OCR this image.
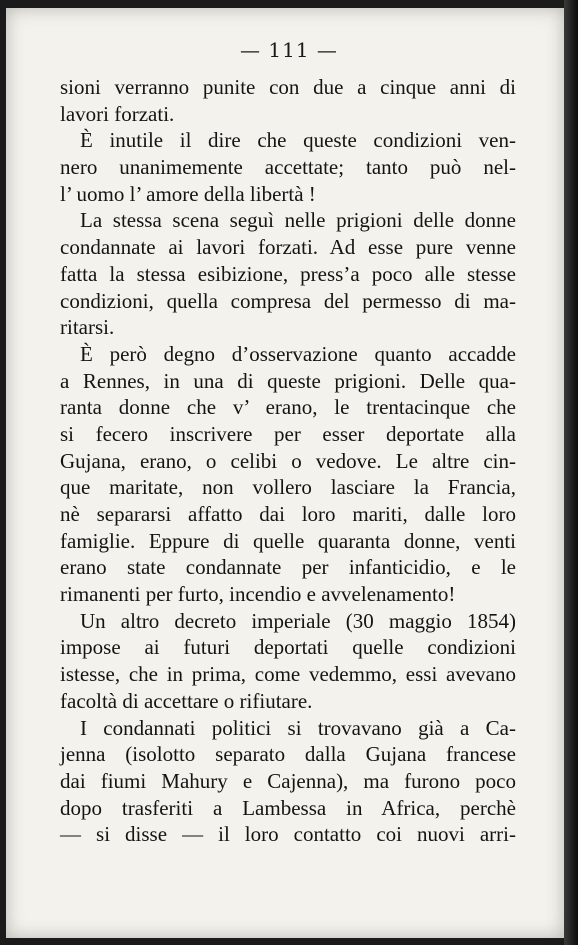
— 111 —
sioni verranno punite con due a cinque anni di
lavori forzati.
È inutile il dire che queste condizioni ven-
nero unanimemente accettate; tanto può nel-
l’ uomo l’ amore della libertà !
La stessa scena seguì nelle prigioni delle donne
condannate ai lavori forzati. Ad esse pure venne
fatta la stessa esibizione, press’a poco alle stesse
condizioni, quella compresa del permesso di ma-
ritarsi.
È però degno d’osservazione quanto accadde
a Rennes, in una di queste prigioni. Delle qua-
ranta donne che v’ erano, le trentacinque che
si fecero inscrivere per esser deportate alla
Gujana, erano, o celibi o vedove. Le altre cin-
que maritate, non vollero lasciare la Francia,
nè separarsi affatto dai loro mariti, dalle loro
famiglie. Eppure di quelle quaranta donne, venti
erano state condannate per infanticidio, e le
rimanenti per furto, incendio e avvelenamento!
Un altro decreto imperiale (30 maggio 1854)
impose ai futuri deportati quelle condizioni
istesse, che in prima, come vedemmo, essi avevano
facoltà di accettare o rifiutare.
I condannati politici si trovavano già a Ca-
jenna (isolotto separato dalla Gujana francese
dai fiumi Mahury e Cajenna), ma furono poco
dopo trasferiti a Lambessa in Africa, perchè
— si disse — il loro contatto coi nuovi arri-
